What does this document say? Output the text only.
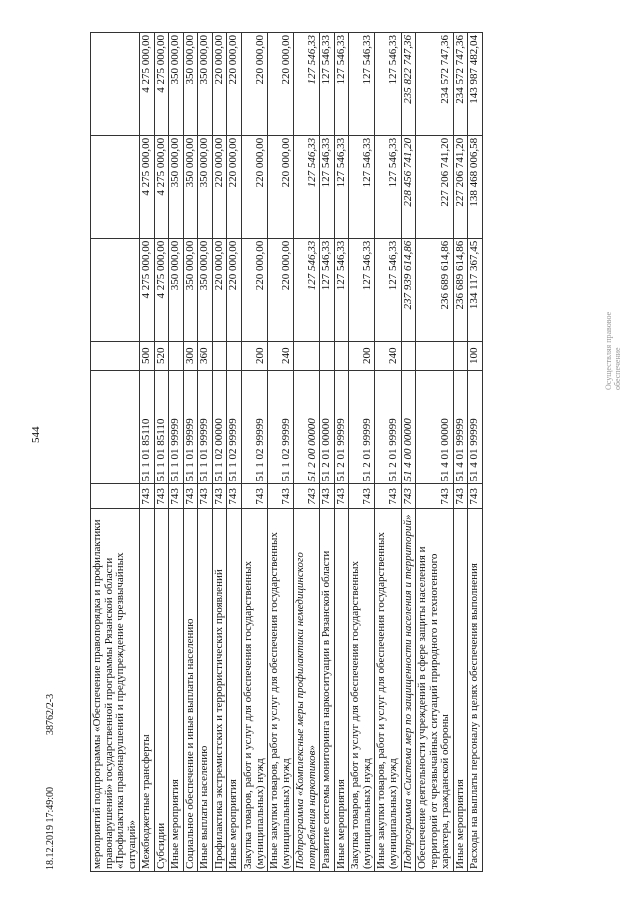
544
18.12.2019 17:49:00
38762/2-3
Осуществляя правовое обеспечение
мероприятий подпрограммы «Обеспечение правопорядка и профилактики правонарушений» государственной программы Рязанской области «Профилактика правонарушений и предупреждение чрезвычайных ситуаций»						
Межбюджетные трансферты	743	51 1 01 85110	500	4 275 000,00	4 275 000,00	4 275 000,00
Субсидии	743	51 1 01 85110	520	4 275 000,00	4 275 000,00	4 275 000,00
Иные мероприятия	743	51 1 01 99999		350 000,00	350 000,00	350 000,00
Социальное обеспечение и иные выплаты населению	743	51 1 01 99999	300	350 000,00	350 000,00	350 000,00
Иные выплаты населению	743	51 1 01 99999	360	350 000,00	350 000,00	350 000,00
Профилактика экстремистских и террористических проявлений	743	51 1 02 00000		220 000,00	220 000,00	220 000,00
Иные мероприятия	743	51 1 02 99999		220 000,00	220 000,00	220 000,00
Закупка товаров, работ и услуг для обеспечения государственных (муниципальных) нужд	743	51 1 02 99999	200	220 000,00	220 000,00	220 000,00
Иные закупки товаров, работ и услуг для обеспечения государственных (муниципальных) нужд	743	51 1 02 99999	240	220 000,00	220 000,00	220 000,00
Подпрограмма «Комплексные меры профилактики немедицинского потребления наркотиков»	743	51 2 00 00000		127 546,33	127 546,33	127 546,33
Развитие системы мониторинга наркоситуации в Рязанской области	743	51 2 01 00000		127 546,33	127 546,33	127 546,33
Иные мероприятия	743	51 2 01 99999		127 546,33	127 546,33	127 546,33
Закупка товаров, работ и услуг для обеспечения государственных (муниципальных) нужд	743	51 2 01 99999	200	127 546,33	127 546,33	127 546,33
Иные закупки товаров, работ и услуг для обеспечения государственных (муниципальных) нужд	743	51 2 01 99999	240	127 546,33	127 546,33	127 546,33
Подпрограмма «Система мер по защищенности населения и территорий»	743	51 4 00 00000		237 939 614,86	228 456 741,20	235 822 747,36
Обеспечение деятельности учреждений в сфере защиты населения и территорий от чрезвычайных ситуаций природного и техногенного характера, гражданской обороны	743	51 4 01 00000		236 689 614,86	227 206 741,20	234 572 747,36
Иные мероприятия	743	51 4 01 99999		236 689 614,86	227 206 741,20	234 572 747,36
Расходы на выплаты персоналу в целях обеспечения выполнения	743	51 4 01 99999	100	134 117 367,45	138 468 006,58	143 987 482,04
